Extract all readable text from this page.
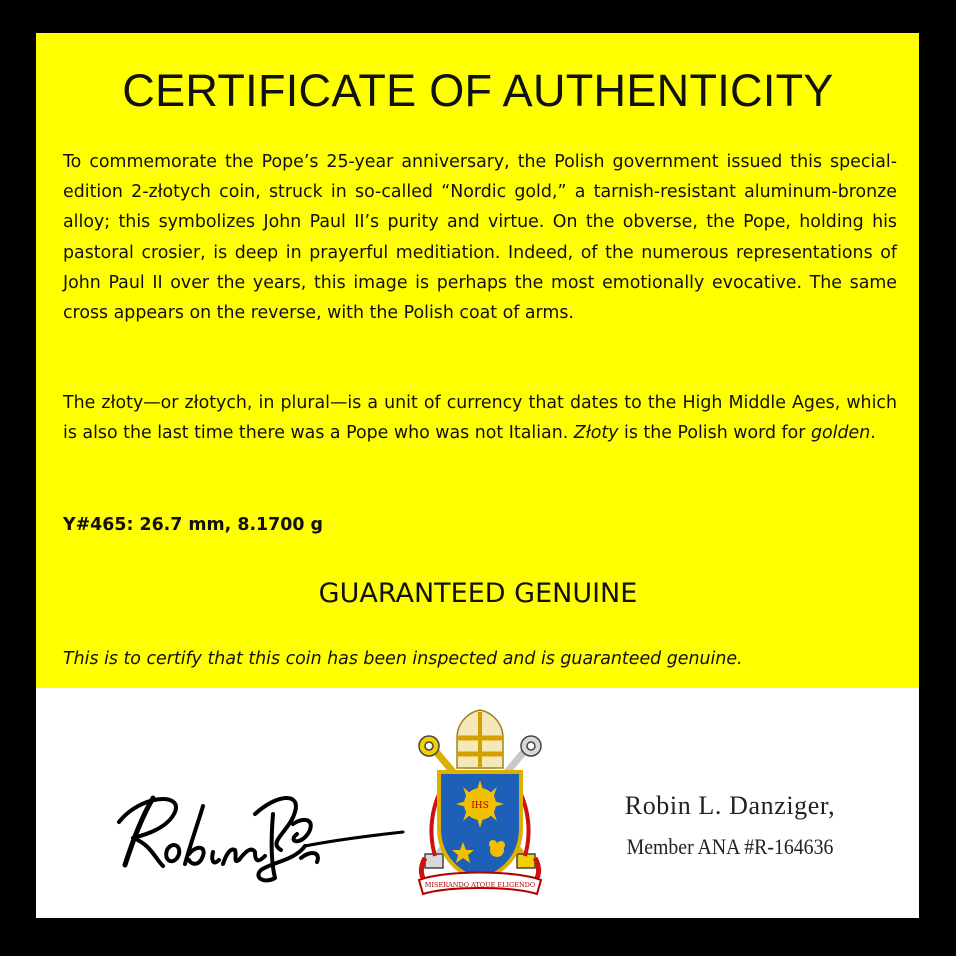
CERTIFICATE OF AUTHENTICITY

To commemorate the Pope’s 25-year anniversary, the Polish government issued this special-edition 2-złotych coin, struck in so-called “Nordic gold,” a tarnish-resistant aluminum-bronze alloy; this symbolizes John Paul II’s purity and virtue. On the obverse, the Pope, holding his pastoral crosier, is deep in prayerful meditiation. Indeed, of the numerous representations of John Paul II over the years, this image is perhaps the most emotionally evocative. The same cross appears on the reverse, with the Polish coat of arms.

The złoty—or złotych, in plural—is a unit of currency that dates to the High Middle Ages, which is also the last time there was a Pope who was not Italian. Złoty is the Polish word for golden.

Y#465: 26.7 mm, 8.1700 g
GUARANTEED GENUINE
This is to certify that this coin has been inspected and is guaranteed genuine.
IHS
MISERANDO ATQUE ELIGENDO
Robin L. Danziger,
Member ANA #R-164636
